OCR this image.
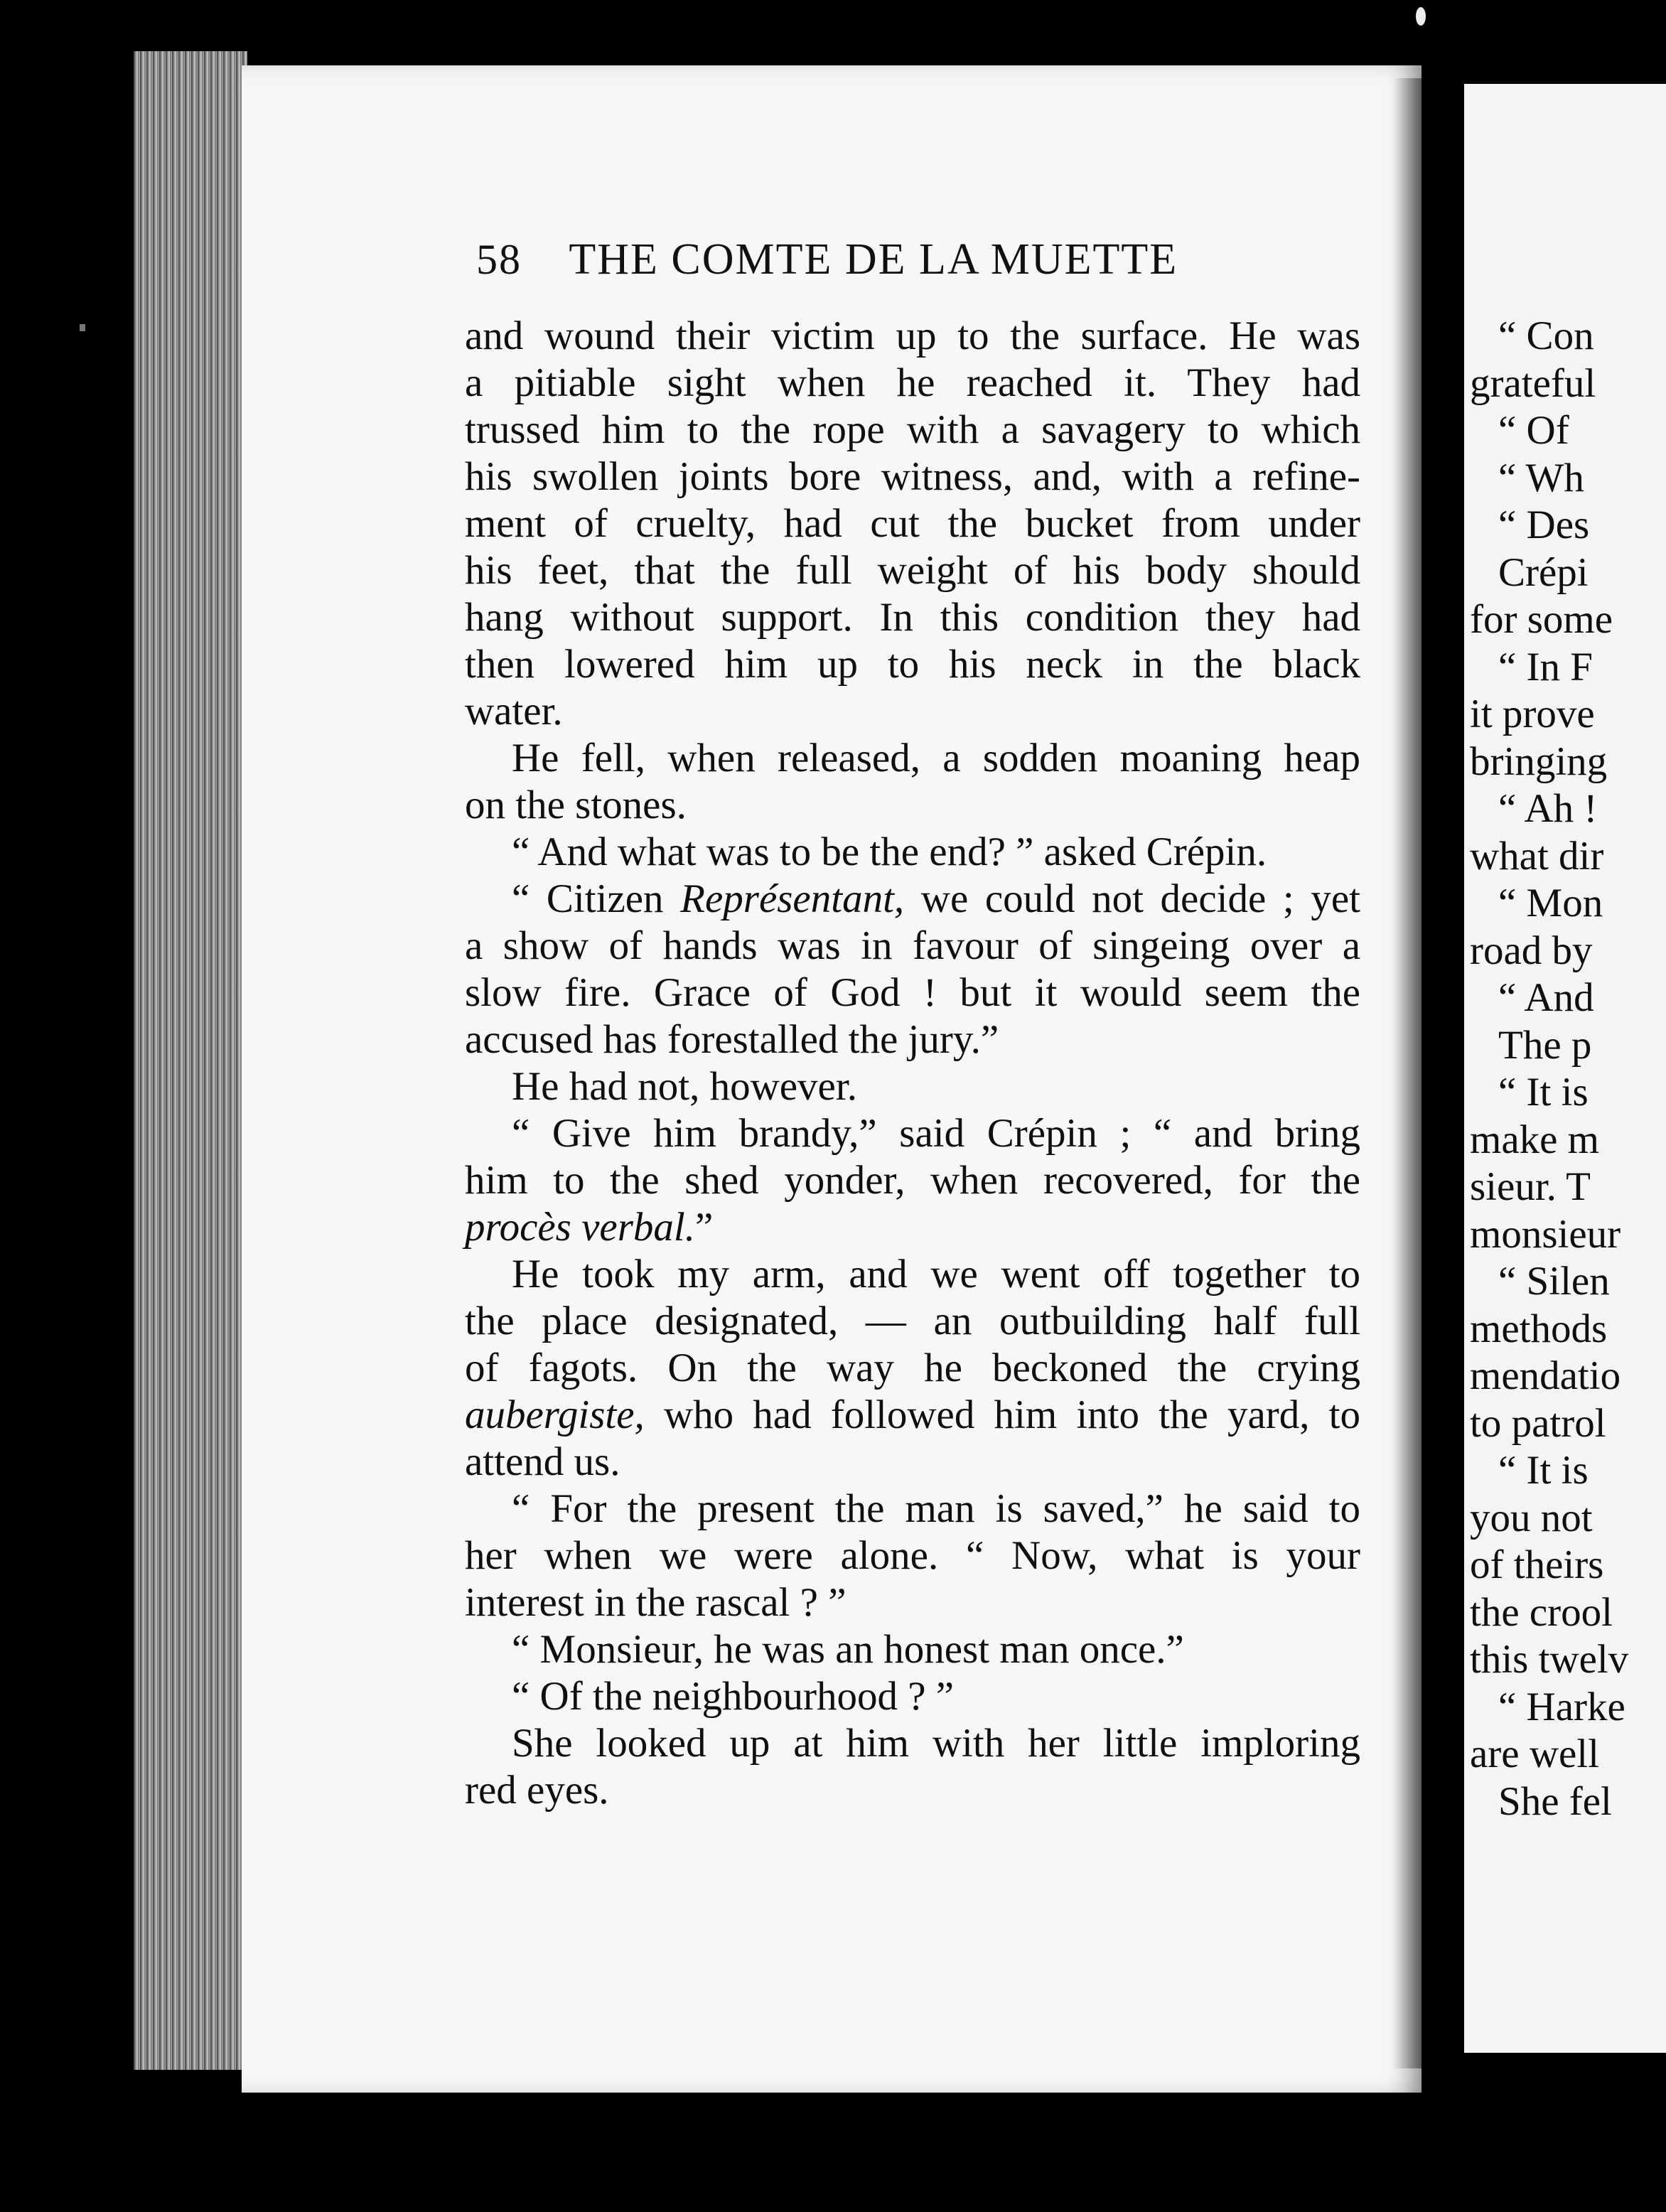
58 THE COMTE DE LA MUETTE
and wound their victim up to the surface. He was
a pitiable sight when he reached it. They had
trussed him to the rope with a savagery to which
his swollen joints bore witness, and, with a refine-
ment of cruelty, had cut the bucket from under
his feet, that the full weight of his body should
hang without support. In this condition they had
then lowered him up to his neck in the black
water.
He fell, when released, a sodden moaning heap
on the stones.
“ And what was to be the end? ” asked Crépin.
“ Citizen Représentant, we could not decide ; yet
a show of hands was in favour of singeing over a
slow fire. Grace of God ! but it would seem the
accused has forestalled the jury.”
He had not, however.
“ Give him brandy,” said Crépin ; “ and bring
him to the shed yonder, when recovered, for the
procès verbal.”
He took my arm, and we went off together to
the place designated, — an outbuilding half full
of fagots. On the way he beckoned the crying
aubergiste, who had followed him into the yard, to
attend us.
“ For the present the man is saved,” he said to
her when we were alone. “ Now, what is your
interest in the rascal ? ”
“ Monsieur, he was an honest man once.”
“ Of the neighbourhood ? ”
She looked up at him with her little imploring
red eyes.
“ Con
grateful
“ Of
“ Wh
“ Des
Crépi
for some
“ In F
it prove
bringing
“ Ah !
what dir
“ Mon
road by
“ And
The p
“ It is
make m
sieur. T
monsieur
“ Silen
methods
mendatio
to patrol
“ It is
you not
of theirs
the crool
this twelv
“ Harke
are well
She fel
